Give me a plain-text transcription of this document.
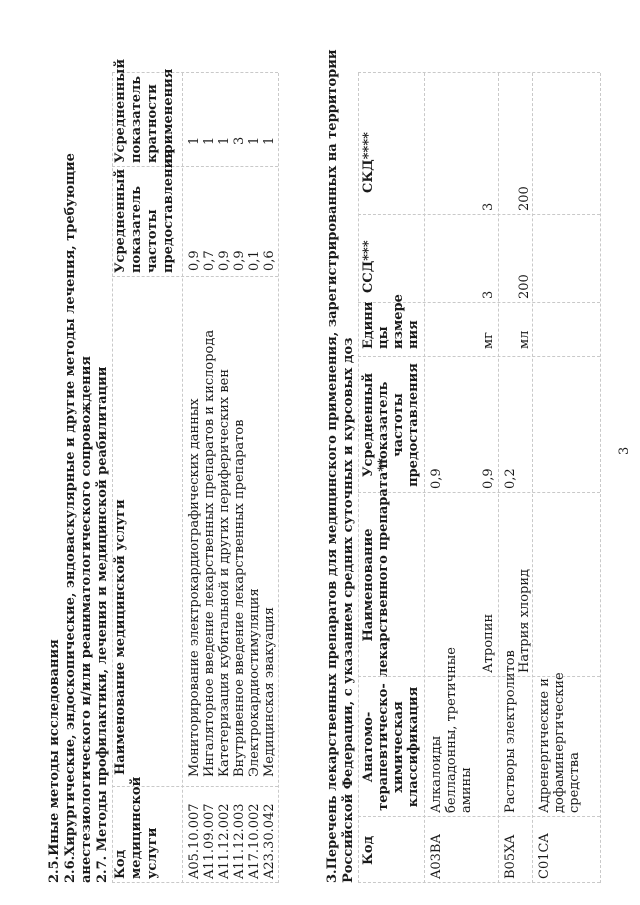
2.5.Иные методы исследования 2.6.Хирургические, эндоскопические, эндоваскулярные и другие методы лечения, требующие анестезиологического и/или реаниматологического сопровождения 2.7. Методы профилактики, лечения и медицинской реабилитации Код медицинской услуги
Наименование медицинской услуги
Усредненный показатель частоты предоставления
Усредненный показатель кратности применения
A05.10.007
Мониторирование электрокардиографических данных
0,9
1
A11.09.007
Ингаляторное введение лекарственных препаратов и кислорода
0,7
1
A11.12.002
Катетеризация кубитальной и других периферических вен
0,9
1
A11.12.003
Внутривенное введение лекарственных препаратов
0,9
3
A17.10.002
Электрокардиостимуляция
0,1
1
A23.30.042
Медицинская эвакуация
0,6
1	3.Перечень лекарственных препаратов для медицинского применения, зарегистрированных на территории Российской Федерации, с указанием средних суточных и курсовых доз Код
Анатомо- терапевтическо- химическая классификация
Наименование лекарственного препарата**
Усредненный показатель частоты предоставления
Едини цы измере ния
ССД***
СКД****
A03BA
Алкалоиды белладонны, третичные амины
0,9
Атропин
0,9
мг
3
3
B05XA
Растворы электролитов
0,2
Натрия хлорид
мл
200
200
C01CA
Адренергические и дофаминергические средства
3
